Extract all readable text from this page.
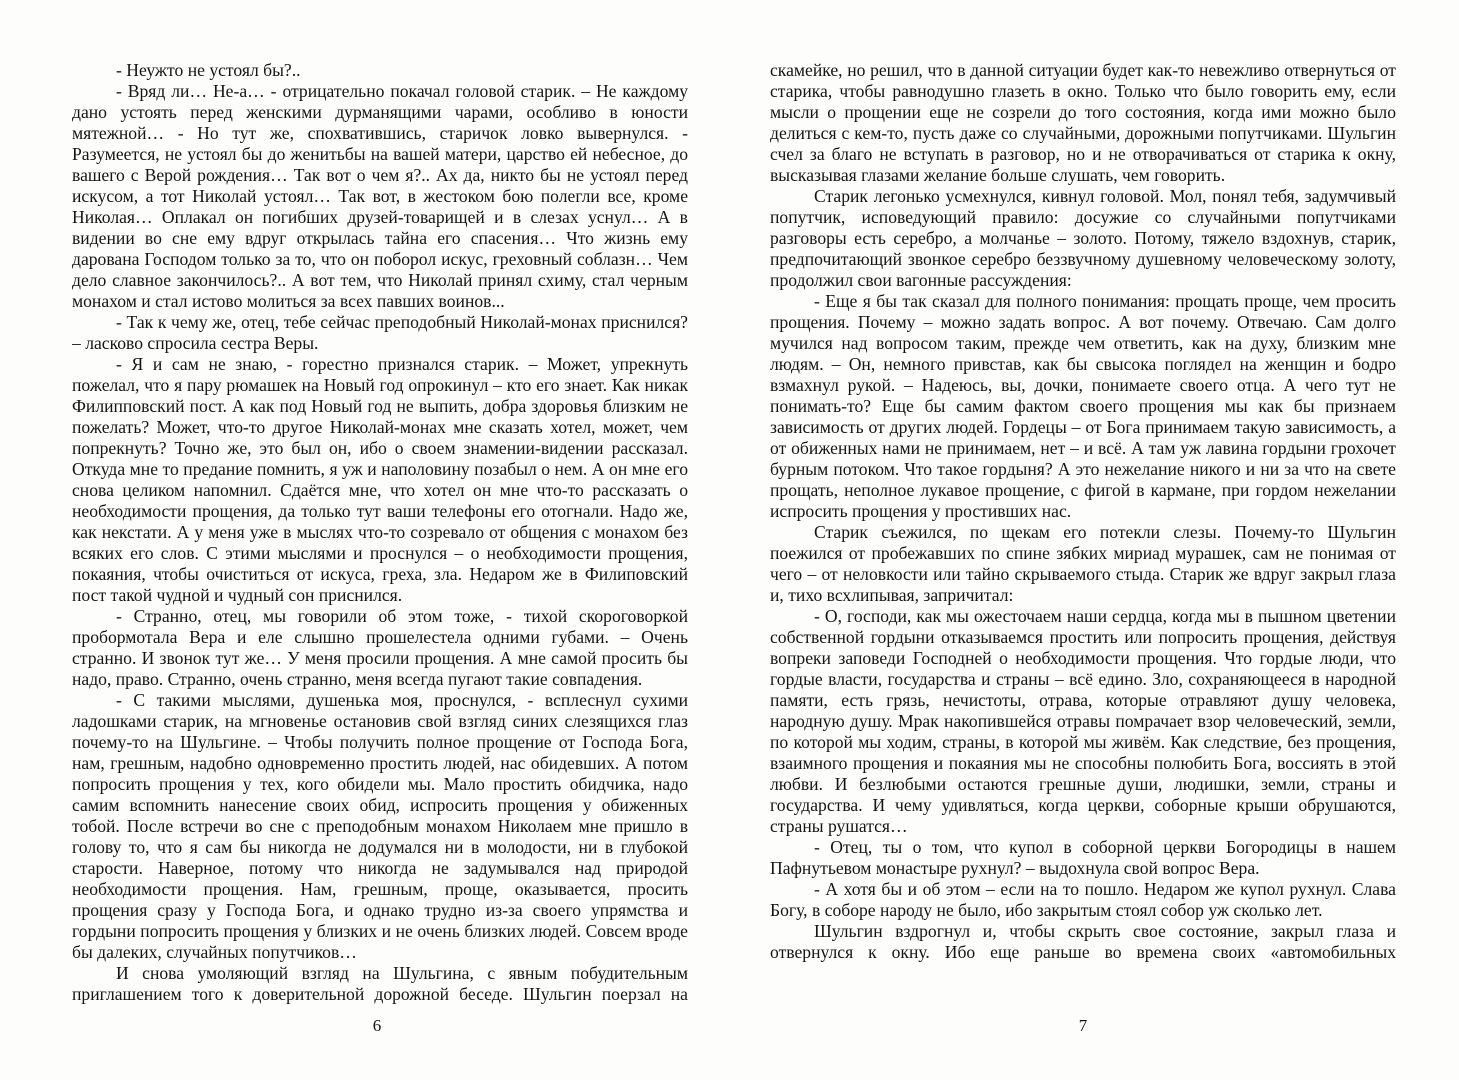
- Неужто не устоял бы?..

- Вряд ли… Не-а… - отрицательно покачал головой старик. – Не каждому дано устоять перед женскими дурманящими чарами, особливо в юности мятежной… - Но тут же, спохватившись, старичок ловко вывернулся. - Разумеется, не устоял бы до женитьбы на вашей матери, царство ей небесное, до вашего с Верой рождения… Так вот о чем я?.. Ах да, никто бы не устоял перед искусом, а тот Николай устоял… Так вот, в жестоком бою полегли все, кроме Николая… Оплакал он погибших друзей-товарищей и в слезах уснул… А в видении во сне ему вдруг открылась тайна его спасения… Что жизнь ему дарована Господом только за то, что он поборол искус, греховный соблазн… Чем дело славное закончилось?.. А вот тем, что Николай принял схиму, стал черным монахом и стал истово молиться за всех павших воинов...

- Так к чему же, отец, тебе сейчас преподобный Николай-монах приснился? – ласково спросила сестра Веры.

- Я и сам не знаю, - горестно признался старик. – Может, упрекнуть пожелал, что я пару рюмашек на Новый год опрокинул – кто его знает. Как никак Филипповский пост. А как под Новый год не выпить, добра здоровья близким не пожелать? Может, что-то другое Николай-монах мне сказать хотел, может, чем попрекнуть? Точно же, это был он, ибо о своем знамении-видении рассказал. Откуда мне то предание помнить, я уж и наполовину позабыл о нем. А он мне его снова целиком напомнил. Сдаётся мне, что хотел он мне что-то рассказать о необходимости прощения, да только тут ваши телефоны его отогнали. Надо же, как некстати. А у меня уже в мыслях что-то созревало от общения с монахом без всяких его слов. С этими мыслями и проснулся – о необходимости прощения, покаяния, чтобы очиститься от искуса, греха, зла. Недаром же в Филиповский пост такой чудной и чудный сон приснился.

- Странно, отец, мы говорили об этом тоже, - тихой скороговоркой пробормотала Вера и еле слышно прошелестела одними губами. – Очень странно. И звонок тут же… У меня просили прощения. А мне самой просить бы надо, право. Странно, очень странно, меня всегда пугают такие совпадения.

- С такими мыслями, душенька моя, проснулся, - всплеснул сухими ладошками старик, на мгновенье остановив свой взгляд синих слезящихся глаз почему-то на Шульгине. – Чтобы получить полное прощение от Господа Бога, нам, грешным, надобно одновременно простить людей, нас обидевших. А потом попросить прощения у тех, кого обидели мы. Мало простить обидчика, надо самим вспомнить нанесение своих обид, испросить прощения у обиженных тобой. После встречи во сне с преподобным монахом Николаем мне пришло в голову то, что я сам бы никогда не додумался ни в молодости, ни в глубокой старости. Наверное, потому что никогда не задумывался над природой необходимости прощения. Нам, грешным, проще, оказывается, просить прощения сразу у Господа Бога, и однако трудно из-за своего упрямства и гордыни попросить прощения у близких и не очень близких людей. Совсем вроде бы далеких, случайных попутчиков…

И снова умоляющий взгляд на Шульгина, с явным побудительным приглашением того к доверительной дорожной беседе. Шульгин поерзал на

6

скамейке, но решил, что в данной ситуации будет как-то невежливо отвернуться от старика, чтобы равнодушно глазеть в окно. Только что было говорить ему, если мысли о прощении еще не созрели до того состояния, когда ими можно было делиться с кем-то, пусть даже со случайными, дорожными попутчиками. Шульгин счел за благо не вступать в разговор, но и не отворачиваться от старика к окну, высказывая глазами желание больше слушать, чем говорить.

Старик легонько усмехнулся, кивнул головой. Мол, понял тебя, задумчивый попутчик, исповедующий правило: досужие со случайными попутчиками разговоры есть серебро, а молчанье – золото. Потому, тяжело вздохнув, старик, предпочитающий звонкое серебро беззвучному душевному человеческому золоту, продолжил свои вагонные рассуждения:

- Еще я бы так сказал для полного понимания: прощать проще, чем просить прощения. Почему – можно задать вопрос. А вот почему. Отвечаю. Сам долго мучился над вопросом таким, прежде чем ответить, как на духу, близким мне людям. – Он, немного привстав, как бы свысока поглядел на женщин и бодро взмахнул рукой. – Надеюсь, вы, дочки, понимаете своего отца. А чего тут не понимать-то? Еще бы самим фактом своего прощения мы как бы признаем зависимость от других людей. Гордецы – от Бога принимаем такую зависимость, а от обиженных нами не принимаем, нет – и всё. А там уж лавина гордыни грохочет бурным потоком. Что такое гордыня? А это нежелание никого и ни за что на свете прощать, неполное лукавое прощение, с фигой в кармане, при гордом нежелании испросить прощения у простивших нас.

Старик съежился, по щекам его потекли слезы. Почему-то Шульгин поежился от пробежавших по спине зябких мириад мурашек, сам не понимая от чего – от неловкости или тайно скрываемого стыда. Старик же вдруг закрыл глаза и, тихо всхлипывая, запричитал:

- О, господи, как мы ожесточаем наши сердца, когда мы в пышном цветении собственной гордыни отказываемся простить или попросить прощения, действуя вопреки заповеди Господней о необходимости прощения. Что гордые люди, что гордые власти, государства и страны – всё едино. Зло, сохраняющееся в народной памяти, есть грязь, нечистоты, отрава, которые отравляют душу человека, народную душу. Мрак накопившейся отравы помрачает взор человеческий, земли, по которой мы ходим, страны, в которой мы живём. Как следствие, без прощения, взаимного прощения и покаяния мы не способны полюбить Бога, воссиять в этой любви. И безлюбыми остаются грешные души, людишки, земли, страны и государства. И чему удивляться, когда церкви, соборные крыши обрушаются, страны рушатся…

- Отец, ты о том, что купол в соборной церкви Богородицы в нашем Пафнутьевом монастыре рухнул? – выдохнула свой вопрос Вера.

- А хотя бы и об этом – если на то пошло. Недаром же купол рухнул. Слава Богу, в соборе народу не было, ибо закрытым стоял собор уж сколько лет.

Шульгин вздрогнул и, чтобы скрыть свое состояние, закрыл глаза и отвернулся к окну. Ибо еще раньше во времена своих «автомобильных

7
